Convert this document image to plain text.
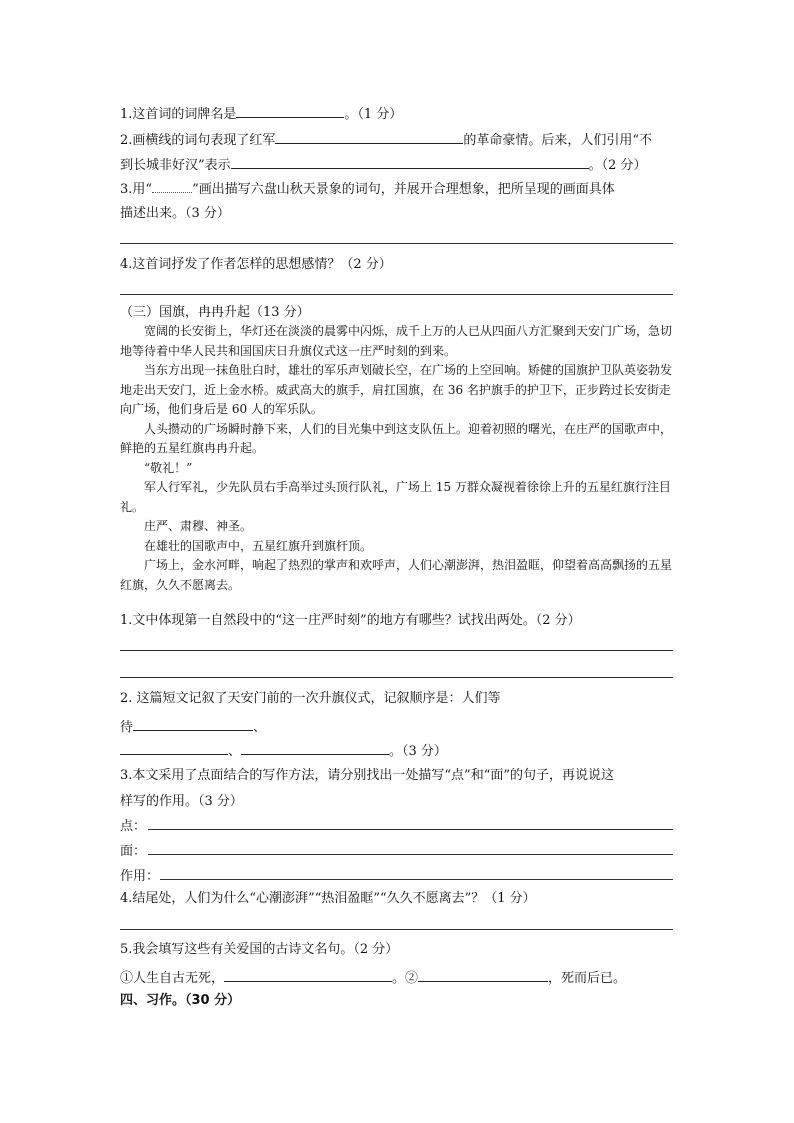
1.这首词的词牌名是	。（1 分）
2.画横线的词句表现了红军	的革命豪情。后来，人们引用“不
到长城非好汉”表示	。（2 分）
3.用“	”画出描写六盘山秋天景象的词句，并展开合理想象，把所呈现的画面具体
描述出来。（3 分）
4.这首词抒发了作者怎样的思想感情？（2 分）
（三）国旗，冉冉升起（13 分）
宽阔的长安街上，华灯还在淡淡的晨雾中闪烁，成千上万的人已从四面八方汇聚到天安门广场，急切地等待着中华人民共和国国庆日升旗仪式这一庄严时刻的到来。
当东方出现一抹鱼肚白时，雄壮的军乐声划破长空，在广场的上空回响。矫健的国旗护卫队英姿勃发地走出天安门，近上金水桥。威武高大的旗手，肩扛国旗，在 36 名护旗手的护卫下，正步跨过长安街走向广场，他们身后是 60 人的军乐队。
人头攒动的广场瞬时静下来，人们的目光集中到这支队伍上。迎着初照的曙光，在庄严的国歌声中，鲜艳的五星红旗冉冉升起。
“敬礼！”
军人行军礼，少先队员右手高举过头顶行队礼，广场上 15 万群众凝视着徐徐上升的五星红旗行注目礼。
庄严、肃穆、神圣。
在雄壮的国歌声中，五星红旗升到旗杆顶。
广场上，金水河畔，响起了热烈的掌声和欢呼声，人们心潮澎湃，热泪盈眶，仰望着高高飘扬的五星红旗，久久不愿离去。
1.文中体现第一自然段中的“这一庄严时刻”的地方有哪些？试找出两处。（2 分）
2. 这篇短文记叙了天安门前的一次升旗仪式，记叙顺序是：人们等
待	、
、	。（3 分）
3.本文采用了点面结合的写作方法，请分别找出一处描写“点”和“面”的句子，再说说这
样写的作用。（3 分）
点：
面：
作用：
4.结尾处，人们为什么“心潮澎湃”“热泪盈眶”“久久不愿离去”？（1 分）
5.我会填写这些有关爱国的古诗文名句。（2 分）
①人生自古无死，	。②	，死而后已。
四、习作。（30 分）
